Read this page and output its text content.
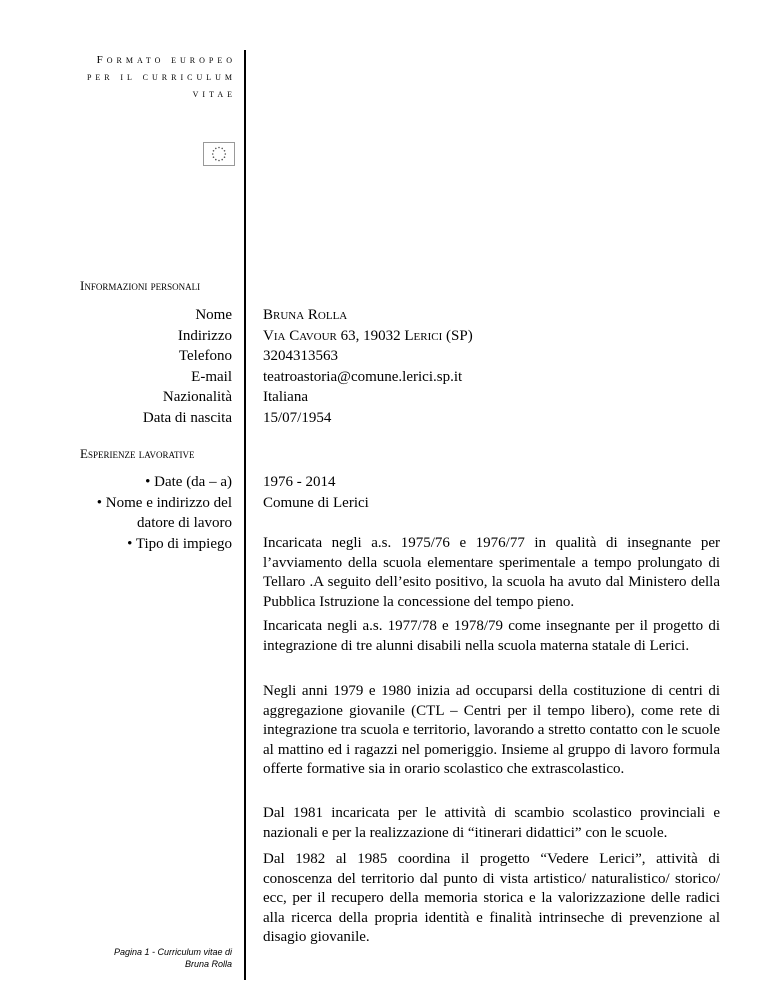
Formato europeo
per il curriculum
vitae
Informazioni personali
Nome
Indirizzo
Telefono
E-mail
Nazionalità
Data di nascita
Bruna Rolla
Via Cavour 63, 19032 Lerici (SP)
3204313563
teatroastoria@comune.lerici.sp.it
Italiana
15/07/1954
Esperienze lavorative
• Date (da – a)
• Nome e indirizzo del
datore di lavoro
• Tipo di impiego
1976 - 2014
Comune di Lerici
Incaricata negli a.s. 1975/76 e 1976/77 in qualità di insegnante per l’avviamento della scuola elementare sperimentale a tempo prolungato di Tellaro .A seguito dell’esito positivo, la scuola ha avuto dal Ministero della Pubblica Istruzione la concessione del tempo pieno.
Incaricata negli a.s. 1977/78 e 1978/79 come insegnante per il progetto di integrazione di tre alunni disabili nella scuola materna statale di Lerici.
Negli anni 1979 e 1980 inizia ad occuparsi della costituzione di centri di aggregazione giovanile (CTL – Centri per il tempo libero), come rete di integrazione tra scuola e territorio, lavorando a stretto contatto con le scuole al mattino ed i ragazzi nel pomeriggio. Insieme al gruppo di lavoro formula offerte formative sia in orario scolastico che extrascolastico.
Dal 1981 incaricata per le attività di scambio scolastico provinciali e nazionali e per la realizzazione di “itinerari didattici” con le scuole.
Dal 1982 al 1985 coordina il progetto “Vedere Lerici”, attività di conoscenza del territorio dal punto di vista artistico/ naturalistico/ storico/ ecc, per il recupero della memoria storica e la valorizzazione delle radici alla ricerca della propria identità e finalità intrinseche di prevenzione al disagio giovanile.
Pagina 1 - Curriculum vitae di
Bruna Rolla
